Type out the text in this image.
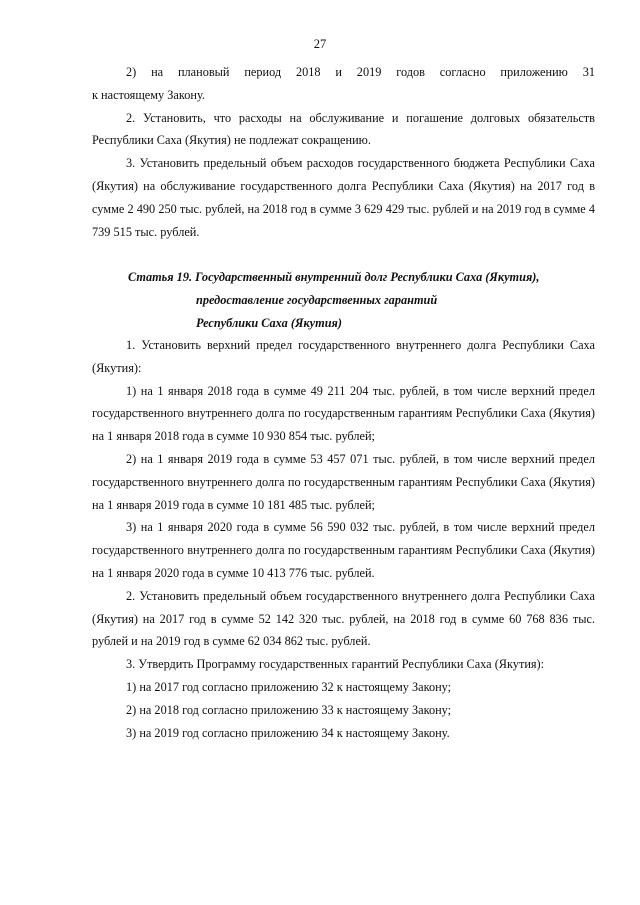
27

2) на плановый период 2018 и 2019 годов согласно приложению 31

к настоящему Закону.

2. Установить, что расходы на обслуживание и погашение долговых обязательств Республики Саха (Якутия) не подлежат сокращению.

3. Установить предельный объем расходов государственного бюджета Республики Саха (Якутия) на обслуживание государственного долга Республики Саха (Якутия) на 2017 год в сумме 2 490 250 тыс. рублей, на 2018 год в сумме 3 629 429 тыс. рублей и на 2019 год в сумме 4 739 515 тыс. рублей.

Статья 19. Государственный внутренний долг Республики Саха (Якутия),
предоставление государственных гарантий
Республики Саха (Якутия)

1. Установить верхний предел государственного внутреннего долга Республики Саха (Якутия):

1) на 1 января 2018 года в сумме 49 211 204 тыс. рублей, в том числе верхний предел государственного внутреннего долга по государственным гарантиям Республики Саха (Якутия) на 1 января 2018 года в сумме 10 930 854 тыс. рублей;

2) на 1 января 2019 года в сумме 53 457 071 тыс. рублей, в том числе верхний предел государственного внутреннего долга по государственным гарантиям Республики Саха (Якутия) на 1 января 2019 года в сумме 10 181 485 тыс. рублей;

3) на 1 января 2020 года в сумме 56 590 032 тыс. рублей, в том числе верхний предел государственного внутреннего долга по государственным гарантиям Республики Саха (Якутия) на 1 января 2020 года в сумме 10 413 776 тыс. рублей.

2. Установить предельный объем государственного внутреннего долга Республики Саха (Якутия) на 2017 год в сумме 52 142 320 тыс. рублей, на 2018 год в сумме 60 768 836 тыс. рублей и на 2019 год в сумме 62 034 862 тыс. рублей.

3. Утвердить Программу государственных гарантий Республики Саха (Якутия):

1) на 2017 год согласно приложению 32 к настоящему Закону;

2) на 2018 год согласно приложению 33 к настоящему Закону;

3) на 2019 год согласно приложению 34 к настоящему Закону.
